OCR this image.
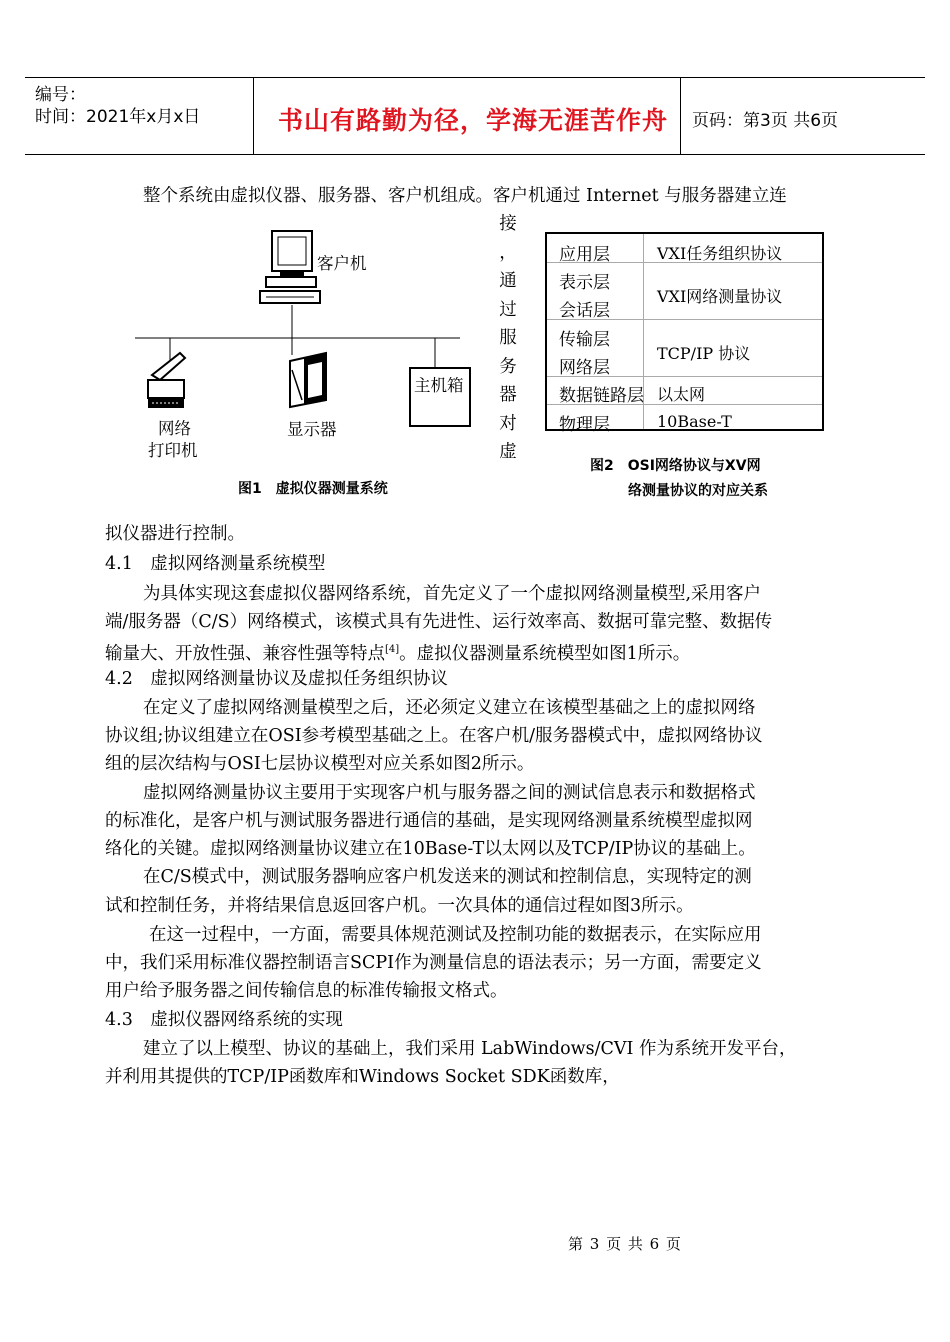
编号：
时间：2021年x月x日	书山有路勤为径，学海无涯苦作舟 页码：第3页 共6页
整个系统由虚拟仪器、服务器、客户机组成。客户机通过 Internet 与服务器建立连
接
，
通
过
服
务
器
对
虚
客户机
网络
打印机
显示器
主机箱
图1　虚拟仪器测量系统
应用层
表示层
会话层
传输层
网络层
数据链路层
物理层
VXI任务组织协议
VXI网络测量协议
TCP/IP 协议
以太网
10Base-T
图2　OSI网络协议与XV网
络测量协议的对应关系
拟仪器进行控制。
4.1　虚拟网络测量系统模型
为具体实现这套虚拟仪器网络系统，首先定义了一个虚拟网络测量模型,采用客户
端/服务器（C/S）网络模式，该模式具有先进性、运行效率高、数据可靠完整、数据传
输量大、开放性强、兼容性强等特点[4]。虚拟仪器测量系统模型如图1所示。
4.2　虚拟网络测量协议及虚拟任务组织协议
在定义了虚拟网络测量模型之后，还必须定义建立在该模型基础之上的虚拟网络
协议组;协议组建立在OSI参考模型基础之上。在客户机/服务器模式中，虚拟网络协议
组的层次结构与OSI七层协议模型对应关系如图2所示。
虚拟网络测量协议主要用于实现客户机与服务器之间的测试信息表示和数据格式
的标准化，是客户机与测试服务器进行通信的基础，是实现网络测量系统模型虚拟网
络化的关键。虚拟网络测量协议建立在10Base-T以太网以及TCP/IP协议的基础上。
在C/S模式中，测试服务器响应客户机发送来的测试和控制信息，实现特定的测
试和控制任务，并将结果信息返回客户机。一次具体的通信过程如图3所示。
在这一过程中，一方面，需要具体规范测试及控制功能的数据表示，在实际应用
中，我们采用标准仪器控制语言SCPI作为测量信息的语法表示；另一方面，需要定义
用户给予服务器之间传输信息的标准传输报文格式。
4.3　虚拟仪器网络系统的实现
建立了以上模型、协议的基础上，我们采用 LabWindows/CVI 作为系统开发平台，
并利用其提供的TCP/IP函数库和Windows Socket SDK函数库，
第 3 页 共 6 页
